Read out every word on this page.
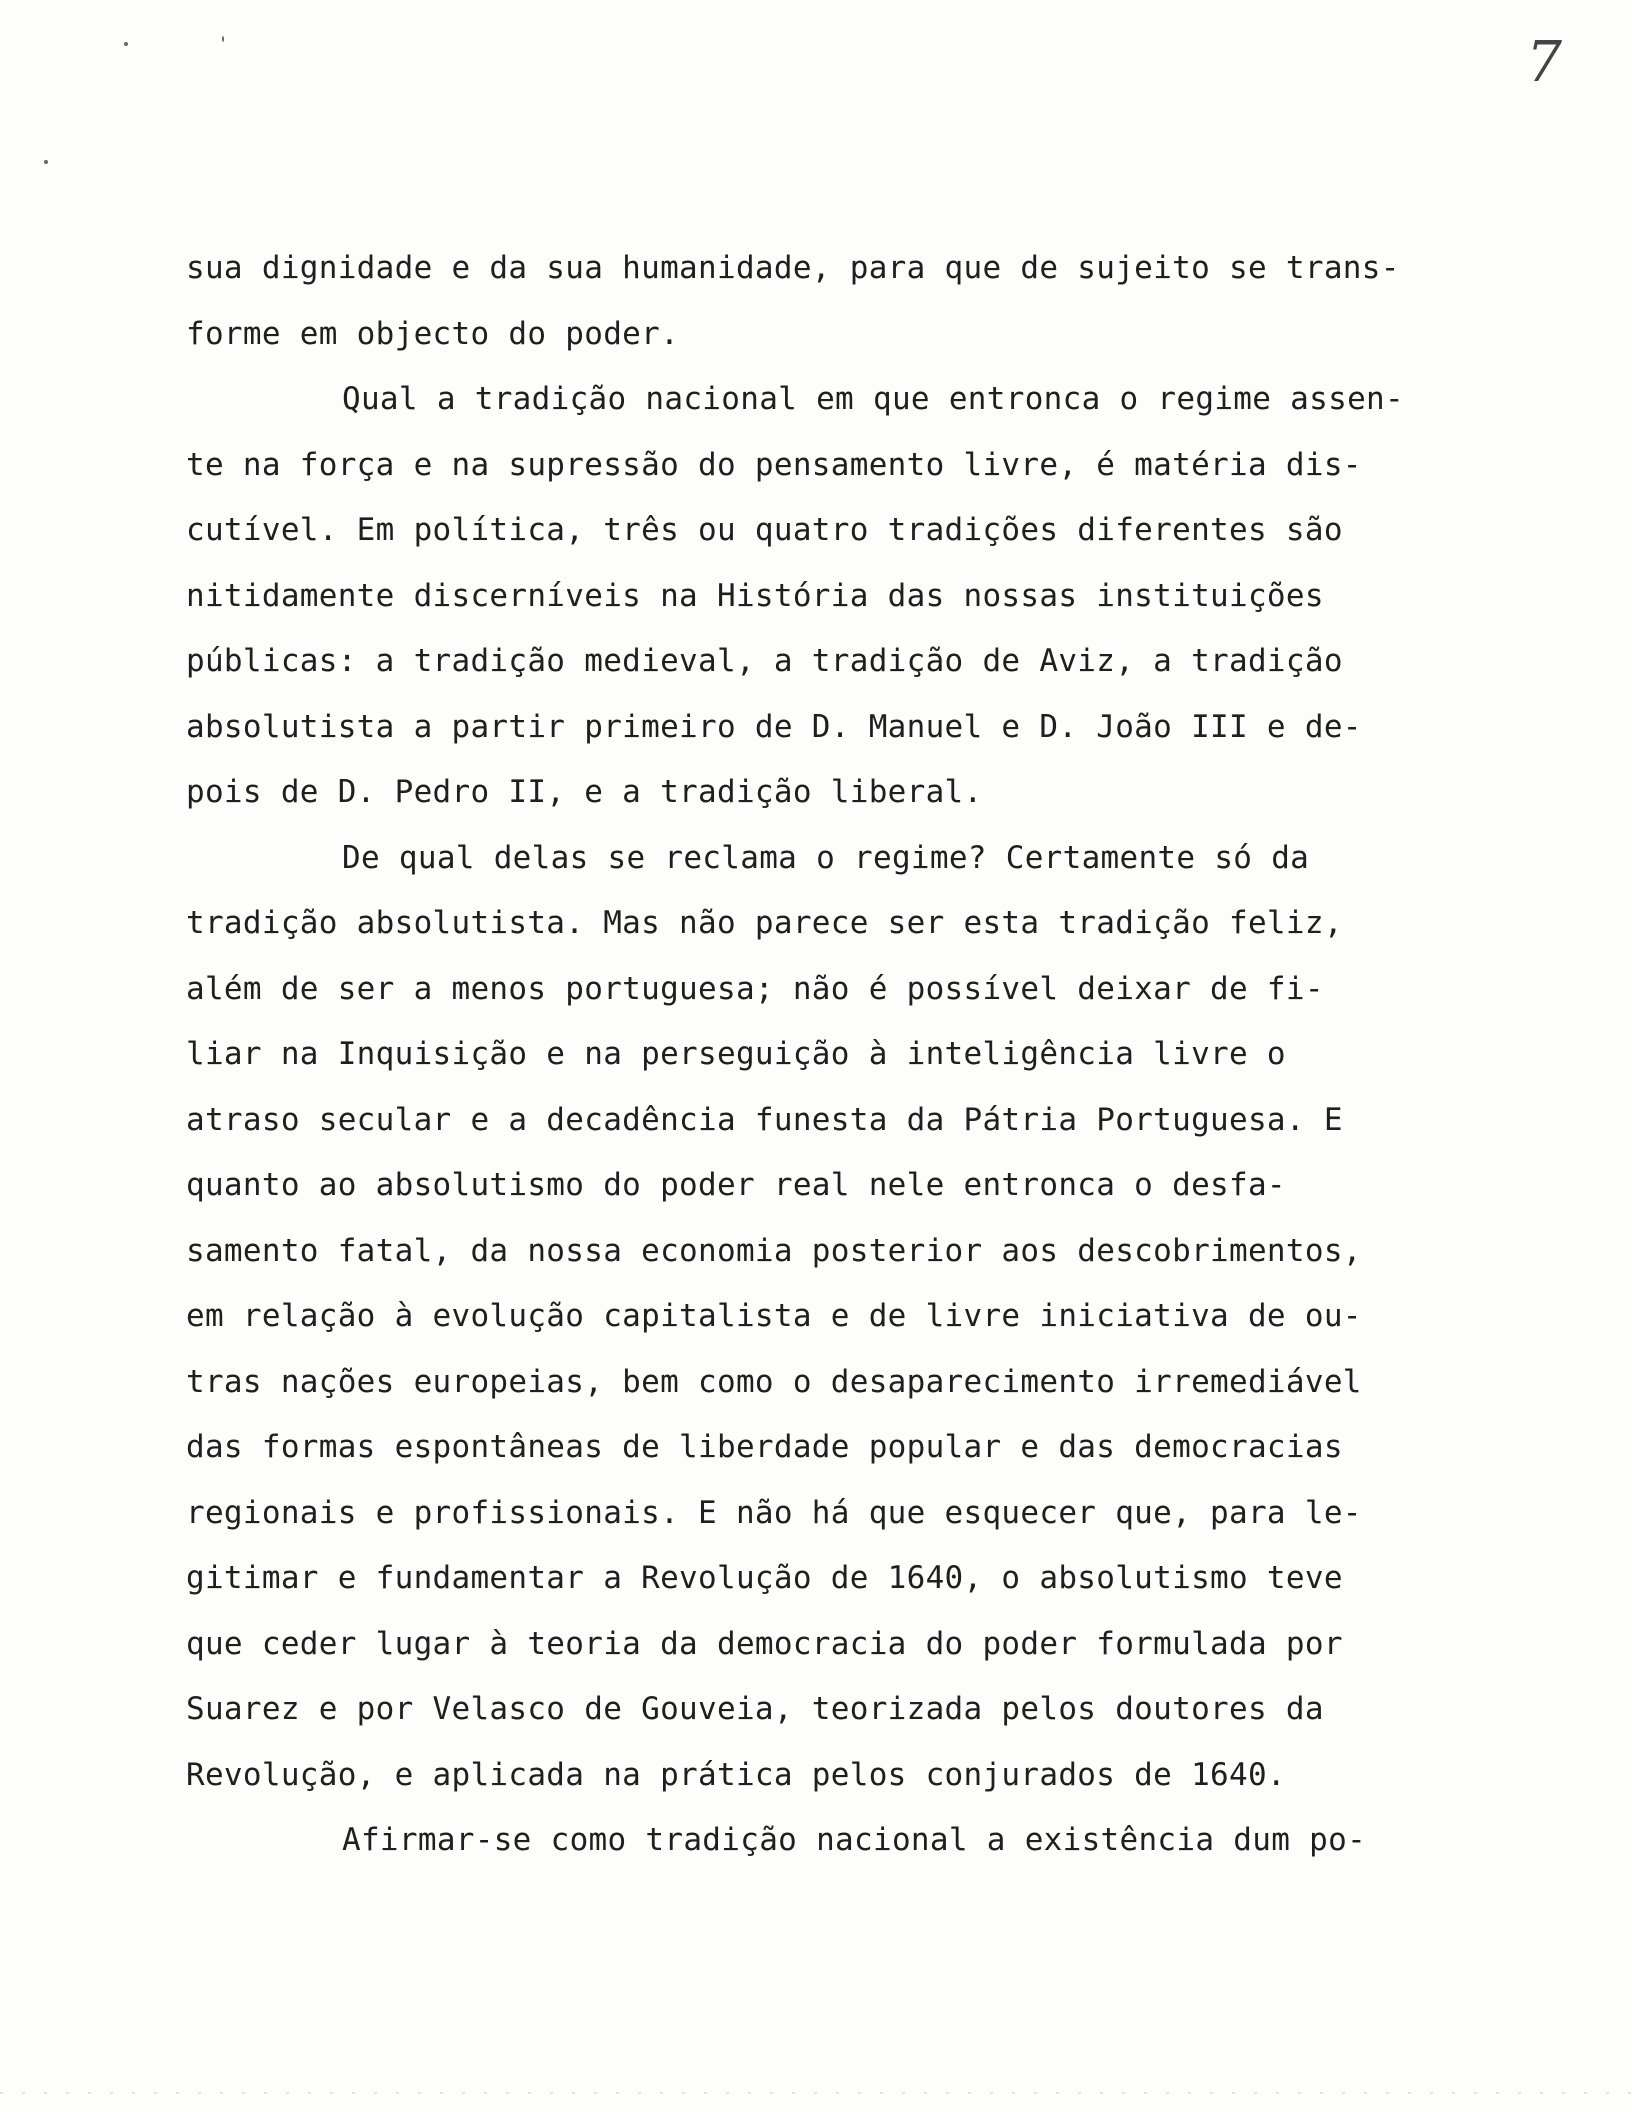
7
sua dignidade e da sua humanidade, para que de sujeito se trans-
forme em objecto do poder.
Qual a tradição nacional em que entronca o regime assen-
te na força e na supressão do pensamento livre, é matéria dis-
cutível. Em política, três ou quatro tradições diferentes são
nitidamente discerníveis na História das nossas instituições
públicas: a tradição medieval, a tradição de Aviz, a tradição
absolutista a partir primeiro de D. Manuel e D. João III e de-
pois de D. Pedro II, e a tradição liberal.
De qual delas se reclama o regime? Certamente só da
tradição absolutista. Mas não parece ser esta tradição feliz,
além de ser a menos portuguesa; não é possível deixar de fi-
liar na Inquisição e na perseguição à inteligência livre o
atraso secular e a decadência funesta da Pátria Portuguesa. E
quanto ao absolutismo do poder real nele entronca o desfa-
samento fatal, da nossa economia posterior aos descobrimentos,
em relação à evolução capitalista e de livre iniciativa de ou-
tras nações europeias, bem como o desaparecimento irremediável
das formas espontâneas de liberdade popular e das democracias
regionais e profissionais. E não há que esquecer que, para le-
gitimar e fundamentar a Revolução de 1640, o absolutismo teve
que ceder lugar à teoria da democracia do poder formulada por
Suarez e por Velasco de Gouveia, teorizada pelos doutores da
Revolução, e aplicada na prática pelos conjurados de 1640.
Afirmar-se como tradição nacional a existência dum po-
